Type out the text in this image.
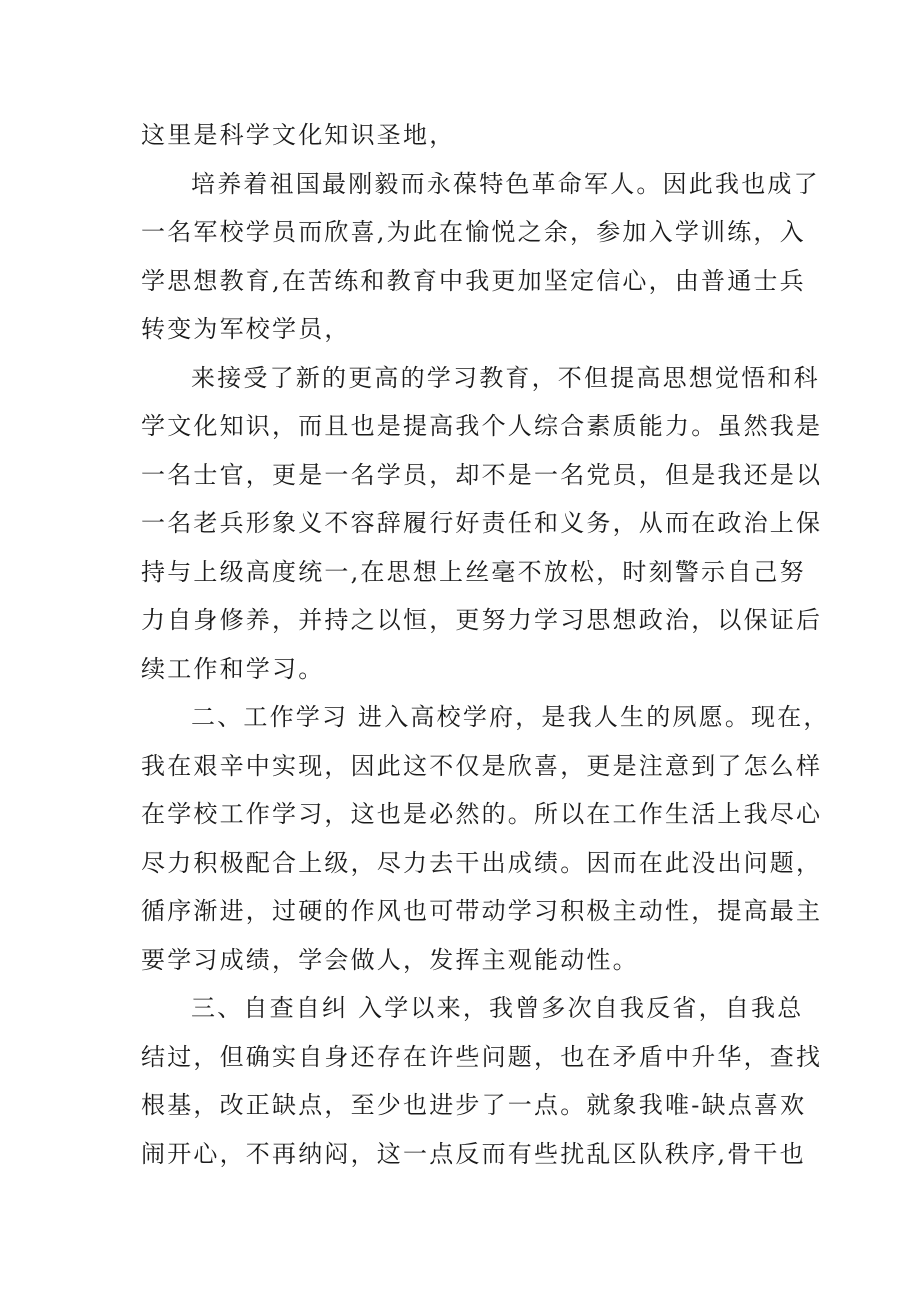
这里是科学文化知识圣地，
培养着祖国最刚毅而永葆特色革命军人。因此我也成了
一名军校学员而欣喜,为此在愉悦之余，参加入学训练，入
学思想教育,在苦练和教育中我更加坚定信心，由普通士兵
转变为军校学员，
来接受了新的更高的学习教育，不但提高思想觉悟和科
学文化知识，而且也是提高我个人综合素质能力。虽然我是
一名士官，更是一名学员，却不是一名党员，但是我还是以
一名老兵形象义不容辞履行好责任和义务，从而在政治上保
持与上级高度统一,在思想上丝毫不放松，时刻警示自己努
力自身修养，并持之以恒，更努力学习思想政治，以保证后
续工作和学习。
二、工作学习 进入高校学府，是我人生的夙愿。现在，
我在艰辛中实现，因此这不仅是欣喜，更是注意到了怎么样
在学校工作学习，这也是必然的。所以在工作生活上我尽心
尽力积极配合上级，尽力去干出成绩。因而在此没出问题，
循序渐进，过硬的作风也可带动学习积极主动性，提高最主
要学习成绩，学会做人，发挥主观能动性。
三、自查自纠 入学以来，我曾多次自我反省，自我总
结过，但确实自身还存在许些问题，也在矛盾中升华，查找
根基，改正缺点，至少也进步了一点。就象我唯-缺点喜欢
闹开心，不再纳闷，这一点反而有些扰乱区队秩序,骨干也
